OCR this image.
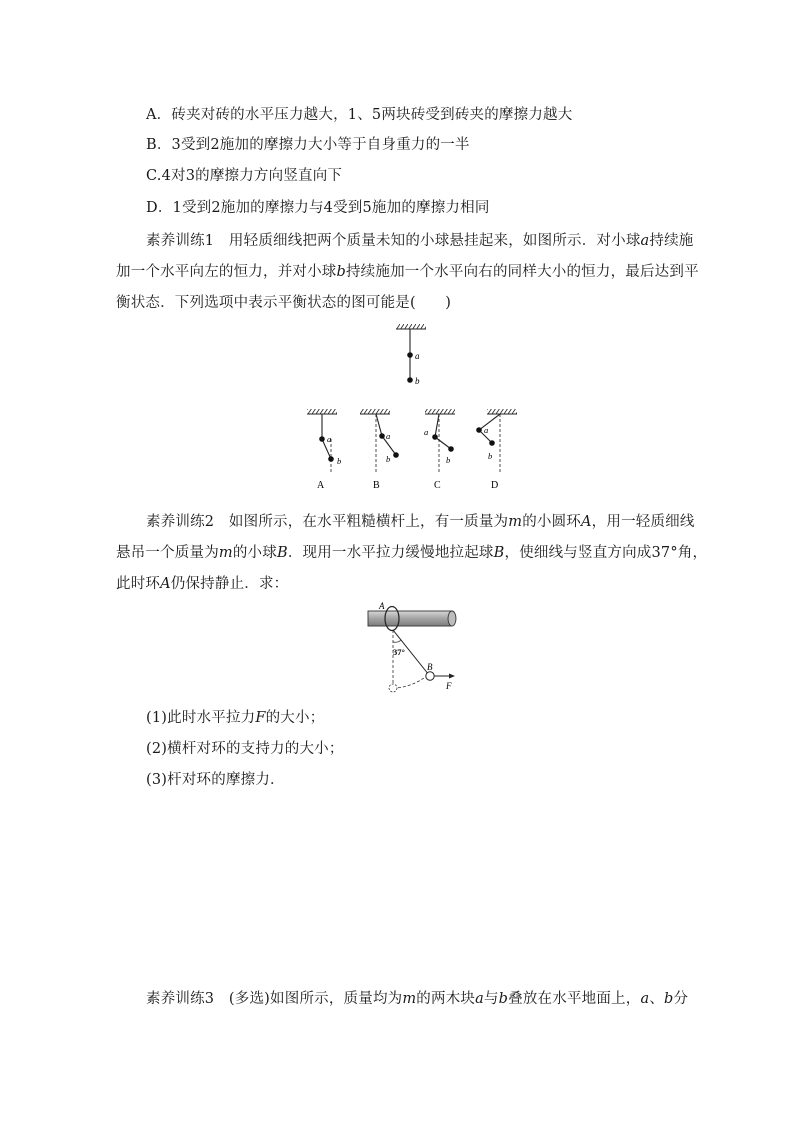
A．砖夹对砖的水平压力越大，1、5两块砖受到砖夹的摩擦力越大
B．3受到2施加的摩擦力大小等于自身重力的一半
C.4对3的摩擦力方向竖直向下
D．1受到2施加的摩擦力与4受到5施加的摩擦力相同
素养训练1　用轻质细线把两个质量未知的小球悬挂起来，如图所示．对小球a持续施
加一个水平向左的恒力，并对小球b持续施加一个水平向右的同样大小的恒力，最后达到平
衡状态．下列选项中表示平衡状态的图可能是(　　)
a
b
a
b
A
a
b
B
a
b
C
a
b
D
素养训练2　如图所示，在水平粗糙横杆上，有一质量为m的小圆环A，用一轻质细线
悬吊一个质量为m的小球B．现用一水平拉力缓慢地拉起球B，使细线与竖直方向成37°角，
此时环A仍保持静止．求：
A
37°
B
F
(1)此时水平拉力F的大小；
(2)横杆对环的支持力的大小；
(3)杆对环的摩擦力．
素养训练3　(多选)如图所示，质量均为m的两木块a与b叠放在水平地面上，a、b分
